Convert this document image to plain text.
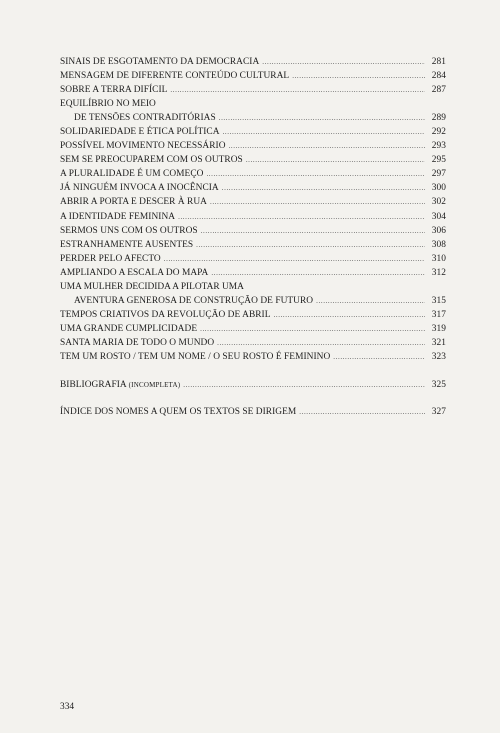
SINAIS DE ESGOTAMENTO DA DEMOCRACIA .....	281
MENSAGEM DE DIFERENTE CONTEÚDO CULTURAL .....	284
SOBRE A TERRA DIFÍCIL .....	287
EQUILÍBRIO NO MEIO
DE TENSÕES CONTRADITÓRIAS .....	289
SOLIDARIEDADE E ÉTICA POLÍTICA .....	292
POSSÍVEL MOVIMENTO NECESSÁRIO .....	293
SEM SE PREOCUPAREM COM OS OUTROS .....	295
A PLURALIDADE É UM COMEÇO .....	297
JÁ NINGUÉM INVOCA A INOCÊNCIA .....	300
ABRIR A PORTA E DESCER À RUA .....	302
A IDENTIDADE FEMININA .....	304
SERMOS UNS COM OS OUTROS .....	306
ESTRANHAMENTE AUSENTES .....	308
PERDER PELO AFECTO .....	310
AMPLIANDO A ESCALA DO MAPA .....	312
UMA MULHER DECIDIDA A PILOTAR UMA
AVENTURA GENEROSA DE CONSTRUÇÃO DE FUTURO .....	315
TEMPOS CRIATIVOS DA REVOLUÇÃO DE ABRIL .....	317
UMA GRANDE CUMPLICIDADE .....	319
SANTA MARIA DE TODO O MUNDO .....	321
TEM UM ROSTO / TEM UM NOME / O SEU ROSTO É FEMININO .....	323
BIBLIOGRAFIA (INCOMPLETA) .....	325
ÍNDICE DOS NOMES A QUEM OS TEXTOS SE DIRIGEM .....	327
334
